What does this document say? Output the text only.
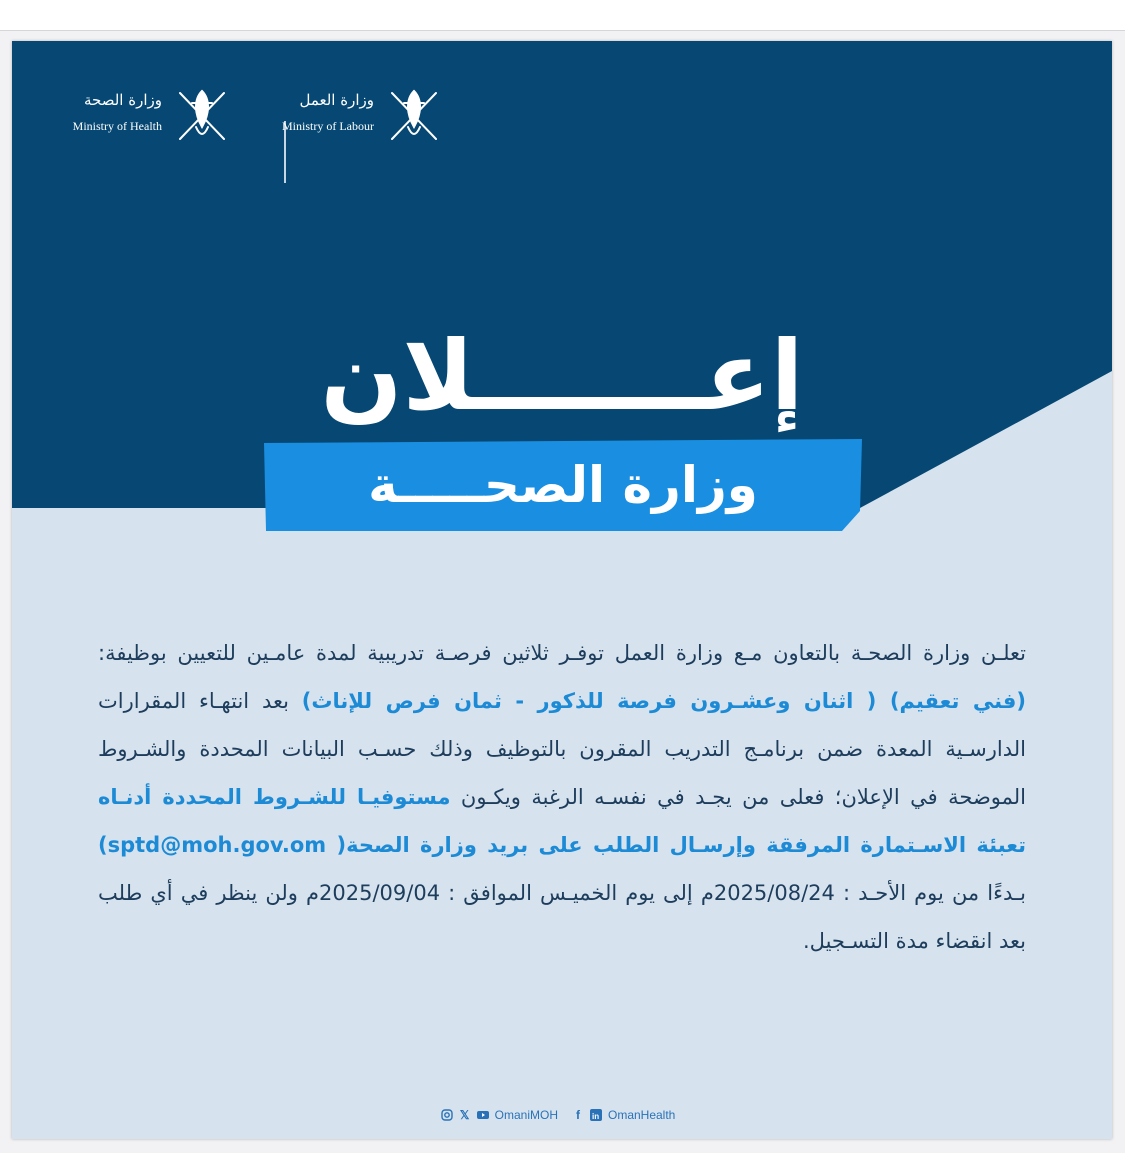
وزارة الصحة
Ministry of Health
وزارة العمل
Ministry of Labour
إعـــــــلان
وزارة الصحـــــة
تعلـن وزارة الصحـة بالتعاون مـع وزارة العمل توفـر ثلاثين فرصـة تدريبية لمدة عامـين للتعيين بوظيفة: (فني تعقيم) ( اثنان وعشـرون فرصة للذكور - ثمان فرص للإناث) بعد انتهـاء المقرارات الدارسـية المعدة ضمن برنامـج التدريب المقرون بالتوظيف وذلك حسـب البيانات المحددة والشـروط الموضحة في الإعلان؛ فعلى من يجـد في نفسـه الرغبة ويكـون مستوفيـا للشـروط المحددة أدنـاه تعبئة الاسـتمارة المرفقة وإرسـال الطلب على بريد وزارة الصحة( sptd@moh.gov.om) بـدءًا من يوم الأحـد : 2025/08/24م إلى يوم الخميـس الموافق : 2025/09/04م ولن ينظر في أي طلب بعد انقضاء مدة التسـجيل.
𝕏 OmaniMOH	f	in OmanHealth
